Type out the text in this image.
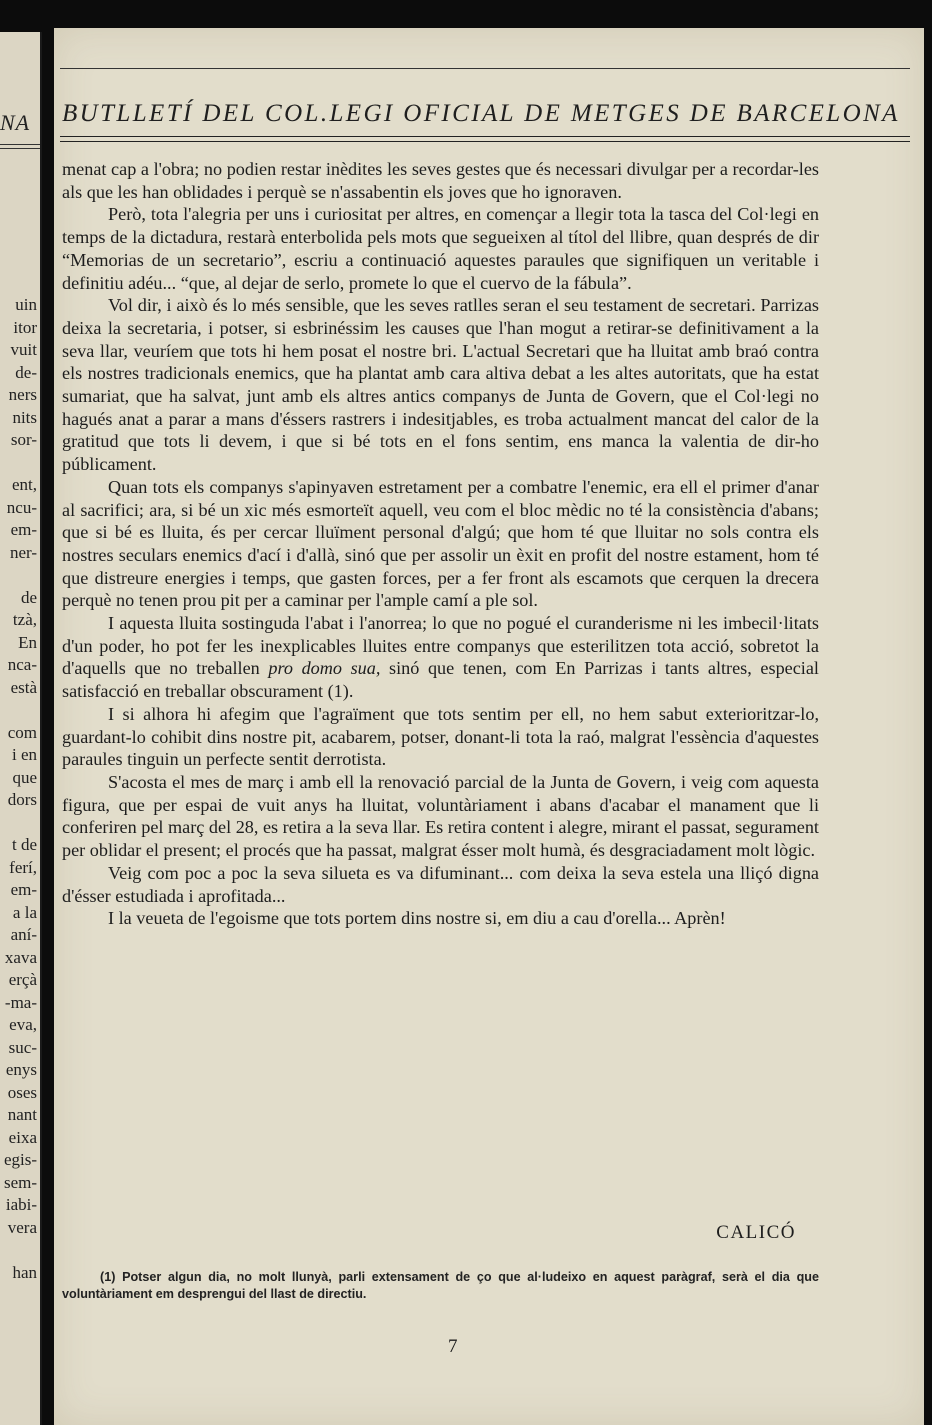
NA
uin
itor
vuit
de-
ners
nits
sor-
ent,
ncu-
em-
ner-
de
tzà,
En
nca-
està
com
i en
que
dors
t de
ferí,
em-
a la
aní-
xava
erçà
-ma-
eva,
suc-
enys
oses
nant
eixa
egis-
sem-
iabi-
vera
han
BUTLLETÍ DEL COL.LEGI OFICIAL DE METGES DE BARCELONA

menat cap a l'obra; no podien restar inèdites les seves gestes que és necessari divulgar per a recordar-les als que les han oblidades i perquè se n'assabentin els joves que ho ignoraven.

Però, tota l'alegria per uns i curiositat per altres, en començar a llegir tota la tasca del Col·legi en temps de la dictadura, restarà enterbolida pels mots que segueixen al títol del llibre, quan després de dir “Memorias de un secretario”, escriu a continuació aquestes paraules que signifiquen un veritable i definitiu adéu... “que, al dejar de serlo, promete lo que el cuervo de la fábula”.

Vol dir, i això és lo més sensible, que les seves ratlles seran el seu testament de secretari. Parrizas deixa la secretaria, i potser, si esbrinéssim les causes que l'han mogut a retirar-se definitivament a la seva llar, veuríem que tots hi hem posat el nostre bri. L'actual Secretari que ha lluitat amb braó contra els nostres tradicionals enemics, que ha plantat amb cara altiva debat a les altes autoritats, que ha estat sumariat, que ha salvat, junt amb els altres antics companys de Junta de Govern, que el Col·legi no hagués anat a parar a mans d'éssers rastrers i indesitjables, es troba actualment mancat del calor de la gratitud que tots li devem, i que si bé tots en el fons sentim, ens manca la valentia de dir-ho públicament.

Quan tots els companys s'apinyaven estretament per a combatre l'enemic, era ell el primer d'anar al sacrifici; ara, si bé un xic més esmorteït aquell, veu com el bloc mèdic no té la consistència d'abans; que si bé es lluita, és per cercar lluïment personal d'algú; que hom té que lluitar no sols contra els nostres seculars enemics d'ací i d'allà, sinó que per assolir un èxit en profit del nostre estament, hom té que distreure energies i temps, que gasten forces, per a fer front als escamots que cerquen la drecera perquè no tenen prou pit per a caminar per l'ample camí a ple sol.

I aquesta lluita sostinguda l'abat i l'anorrea; lo que no pogué el curanderisme ni les imbecil·litats d'un poder, ho pot fer les inexplicables lluites entre companys que esterilitzen tota acció, sobretot la d'aquells que no treballen pro domo sua, sinó que tenen, com En Parrizas i tants altres, especial satisfacció en treballar obscurament (1).

I si alhora hi afegim que l'agraïment que tots sentim per ell, no hem sabut exterioritzar-lo, guardant-lo cohibit dins nostre pit, acabarem, potser, donant-li tota la raó, malgrat l'essència d'aquestes paraules tinguin un perfecte sentit derrotista.

S'acosta el mes de març i amb ell la renovació parcial de la Junta de Govern, i veig com aquesta figura, que per espai de vuit anys ha lluitat, voluntàriament i abans d'acabar el manament que li conferiren pel març del 28, es retira a la seva llar. Es retira content i alegre, mirant el passat, segurament per oblidar el present; el procés que ha passat, malgrat ésser molt humà, és desgraciadament molt lògic.

Veig com poc a poc la seva silueta es va difuminant... com deixa la seva estela una lliçó digna d'ésser estudiada i aprofitada...

I la veueta de l'egoisme que tots portem dins nostre si, em diu a cau d'orella... Aprèn!

CALICÓ
(1) Potser algun dia, no molt llunyà, parli extensament de ço que al·ludeixo en aquest paràgraf, serà el dia que voluntàriament em desprengui del llast de directiu.
7
